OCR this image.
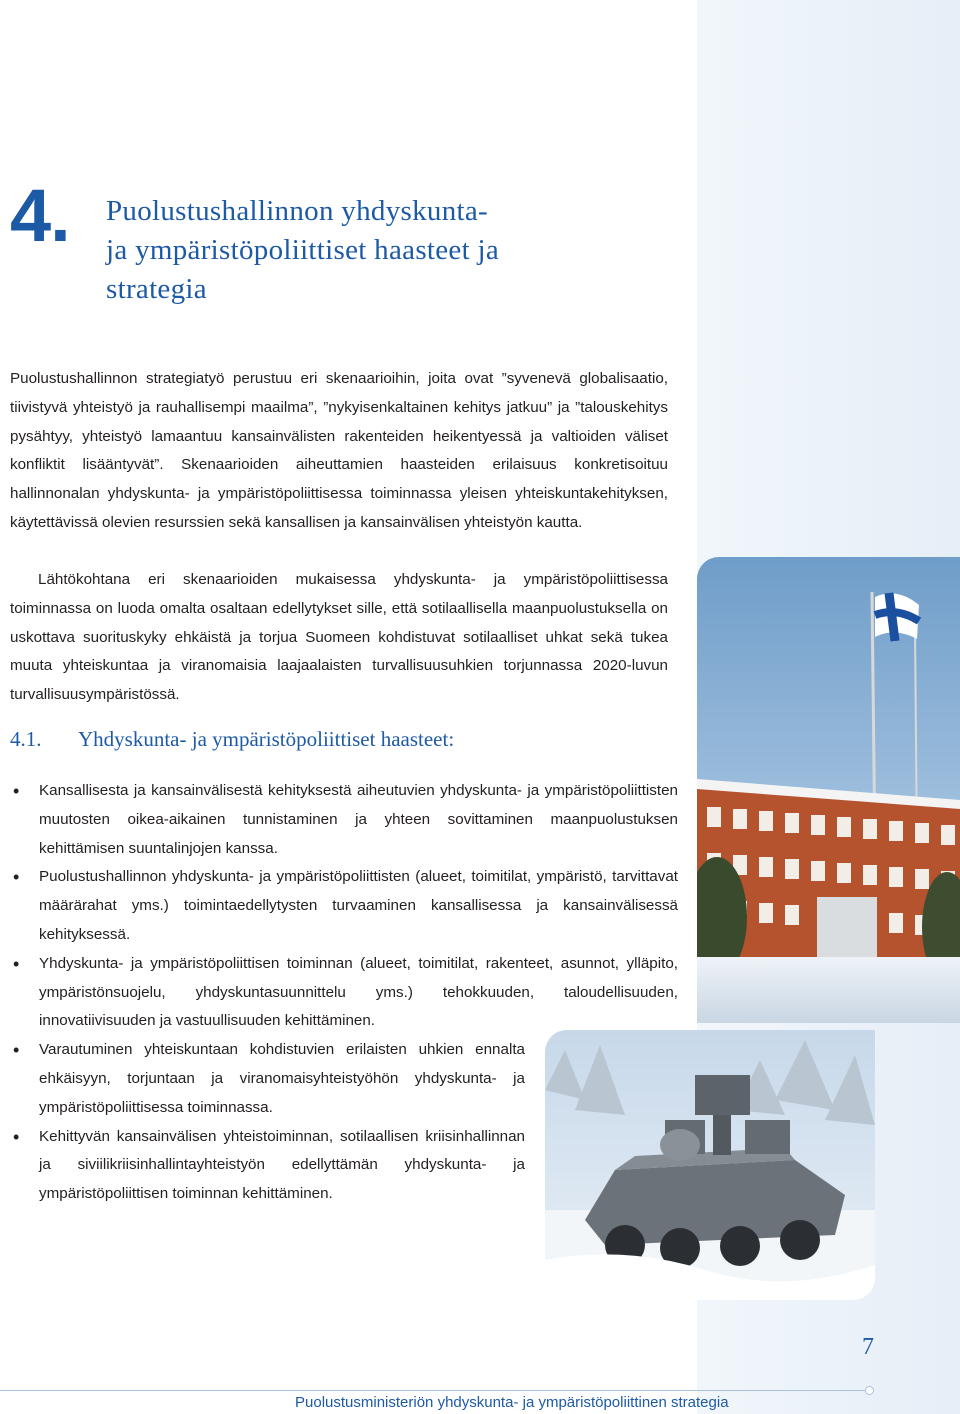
4. Puolustushallinnon yhdyskunta-
ja ympäristöpoliittiset haasteet ja
strategia

Puolustushallinnon strategiatyö perustuu eri skenaarioihin, joita ovat ”syvenevä globalisaatio, tiivistyvä yhteistyö ja rauhallisempi maailma”, ”nykyisenkaltainen kehitys jatkuu” ja ”talouskehitys pysähtyy, yhteistyö lamaantuu kansainvälisten rakenteiden heikentyessä ja valtioiden väliset konfliktit lisääntyvät”. Skenaarioiden aiheuttamien haasteiden erilaisuus konkretisoituu hallinnonalan yhdyskunta- ja ympäristöpoliittisessa toiminnassa yleisen yhteiskuntakehityksen, käytettävissä olevien resurssien sekä kansallisen ja kansainvälisen yhteistyön kautta.

Lähtökohtana eri skenaarioiden mukaisessa yhdyskunta- ja ympäristöpoliittisessa toiminnassa on luoda omalta osaltaan edellytykset sille, että sotilaallisella maanpuolustuksella on uskottava suorituskyky ehkäistä ja torjua Suomeen kohdistuvat sotilaalliset uhkat sekä tukea muuta yhteiskuntaa ja viranomaisia laajaalaisten turvallisuusuhkien torjunnassa 2020-luvun turvallisuusympäristössä.

4.1. Yhdyskunta- ja ympäristöpoliittiset haasteet:
• Kansallisesta ja kansainvälisestä kehityksestä aiheutuvien yhdyskunta- ja ympäristöpoliittisten muutosten oikea-aikainen tunnistaminen ja yhteen sovittaminen maanpuolustuksen kehittämisen suuntalinjojen kanssa.
• Puolustushallinnon yhdyskunta- ja ympäristöpoliittisten (alueet, toimitilat, ympäristö, tarvittavat määrärahat yms.) toimintaedellytysten turvaaminen kansallisessa ja kansainvälisessä kehityksessä.
• Yhdyskunta- ja ympäristöpoliittisen toiminnan (alueet, toimitilat, rakenteet, asunnot, ylläpito, ympäristönsuojelu, yhdyskuntasuunnittelu yms.) tehokkuuden, taloudellisuuden, innovatiivisuuden ja vastuullisuuden kehittäminen.
• Varautuminen yhteiskuntaan kohdistuvien erilaisten uhkien ennalta ehkäisyyn, torjuntaan ja viranomaisyhteistyöhön yhdyskunta- ja ympäristöpoliittisessa toiminnassa.
• Kehittyvän kansainvälisen yhteistoiminnan, sotilaallisen kriisinhallinnan ja siviilikriisinhallintayhteistyön edellyttämän yhdyskunta- ja ympäristöpoliittisen toiminnan kehittäminen.
7
Puolustusministeriön yhdyskunta- ja ympäristöpoliittinen strategia
